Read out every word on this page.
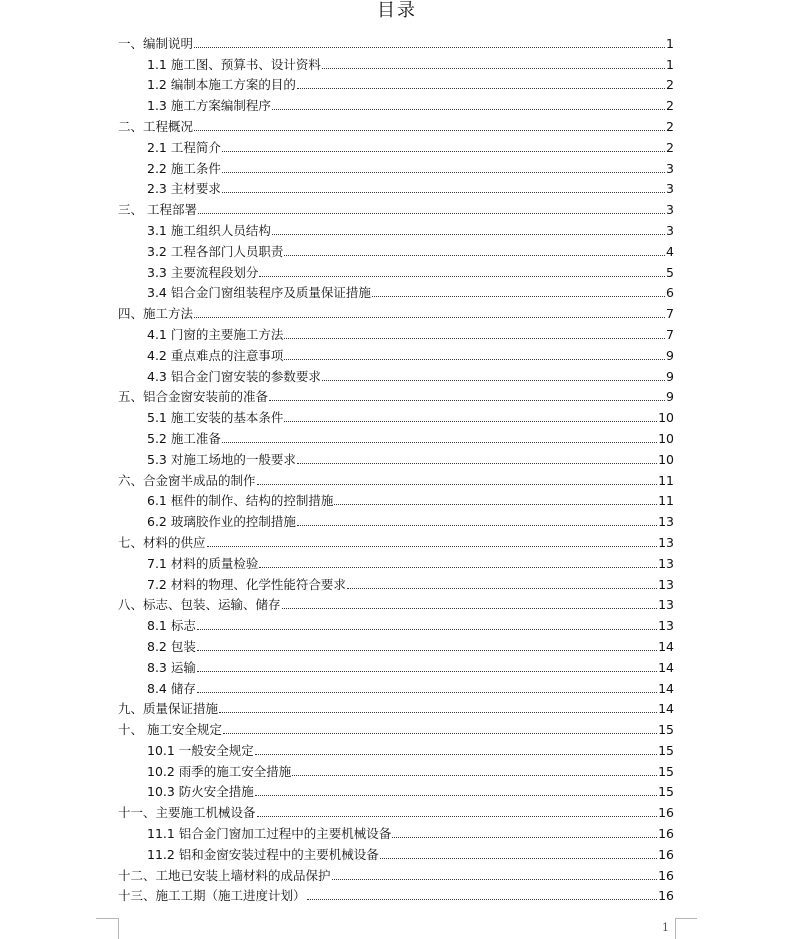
目录
一、编制说明	1
1.1 施工图、预算书、设计资料	1
1.2 编制本施工方案的目的	2
1.3 施工方案编制程序	2
二、工程概况	2
2.1 工程简介	2
2.2 施工条件	3
2.3 主材要求	3
三、 工程部署	3
3.1 施工组织人员结构	3
3.2 工程各部门人员职责	4
3.3 主要流程段划分	5
3.4 铝合金门窗组装程序及质量保证措施	6
四、施工方法	7
4.1 门窗的主要施工方法	7
4.2 重点难点的注意事项	9
4.3 铝合金门窗安装的参数要求	9
五、铝合金窗安装前的准备	9
5.1 施工安装的基本条件	10
5.2 施工准备	10
5.3 对施工场地的一般要求	10
六、合金窗半成品的制作	11
6.1 框件的制作、结构的控制措施	11
6.2 玻璃胶作业的控制措施	13
七、材料的供应	13
7.1 材料的质量检验	13
7.2 材料的物理、化学性能符合要求	13
八、标志、包装、运输、储存	13
8.1 标志	13
8.2 包装	14
8.3 运输	14
8.4 储存	14
九、质量保证措施	14
十、 施工安全规定	15
10.1 一般安全规定	15
10.2 雨季的施工安全措施	15
10.3 防火安全措施	15
十一、主要施工机械设备	16
11.1 铝合金门窗加工过程中的主要机械设备	16
11.2 铝和金窗安装过程中的主要机械设备	16
十二、工地已安装上墙材料的成品保护	16
十三、施工工期（施工进度计划）	16
1
